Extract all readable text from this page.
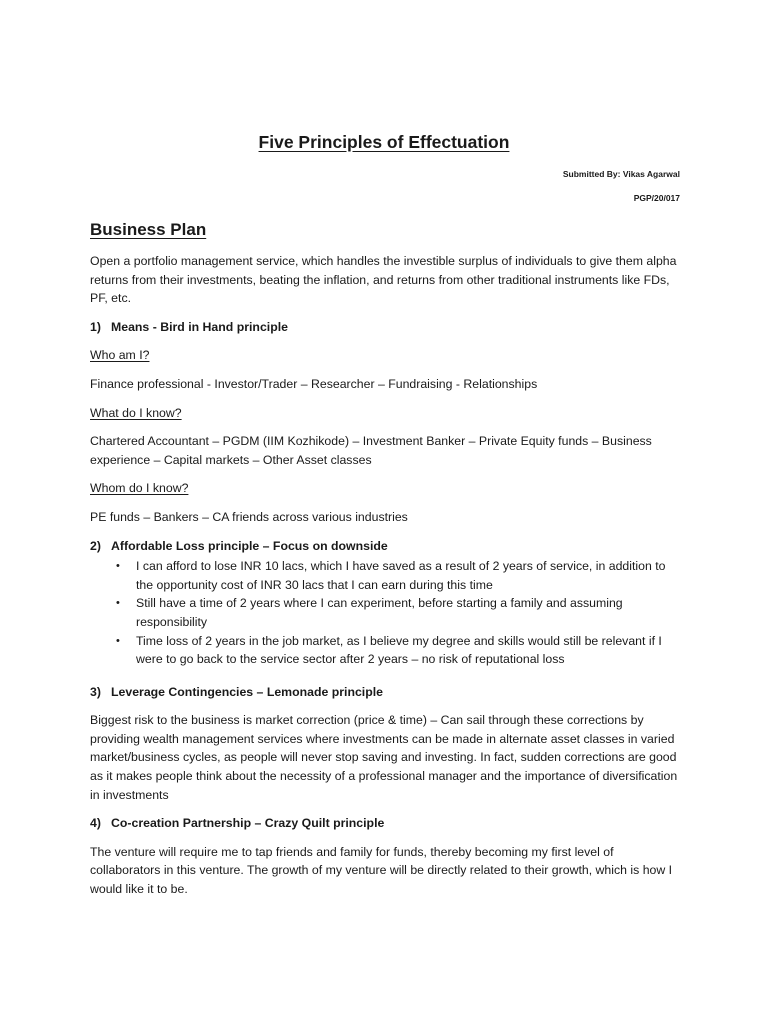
Five Principles of Effectuation
Submitted By: Vikas Agarwal
PGP/20/017
Business Plan

Open a portfolio management service, which handles the investible surplus of individuals to give them alpha returns from their investments, beating the inflation, and returns from other traditional instruments like FDs, PF, etc.

1) Means - Bird in Hand principle
Who am I?

Finance professional - Investor/Trader – Researcher – Fundraising - Relationships

What do I know?

Chartered Accountant – PGDM (IIM Kozhikode) – Investment Banker – Private Equity funds – Business experience – Capital markets – Other Asset classes

Whom do I know?

PE funds – Bankers – CA friends across various industries

2) Affordable Loss principle – Focus on downside
• I can afford to lose INR 10 lacs, which I have saved as a result of 2 years of service, in addition to the opportunity cost of INR 30 lacs that I can earn during this time
• Still have a time of 2 years where I can experiment, before starting a family and assuming responsibility
• Time loss of 2 years in the job market, as I believe my degree and skills would still be relevant if I were to go back to the service sector after 2 years – no risk of reputational loss
3) Leverage Contingencies – Lemonade principle

Biggest risk to the business is market correction (price & time) – Can sail through these corrections by providing wealth management services where investments can be made in alternate asset classes in varied market/business cycles, as people will never stop saving and investing. In fact, sudden corrections are good as it makes people think about the necessity of a professional manager and the importance of diversification in investments

4) Co-creation Partnership – Crazy Quilt principle

The venture will require me to tap friends and family for funds, thereby becoming my first level of collaborators in this venture. The growth of my venture will be directly related to their growth, which is how I would like it to be.
